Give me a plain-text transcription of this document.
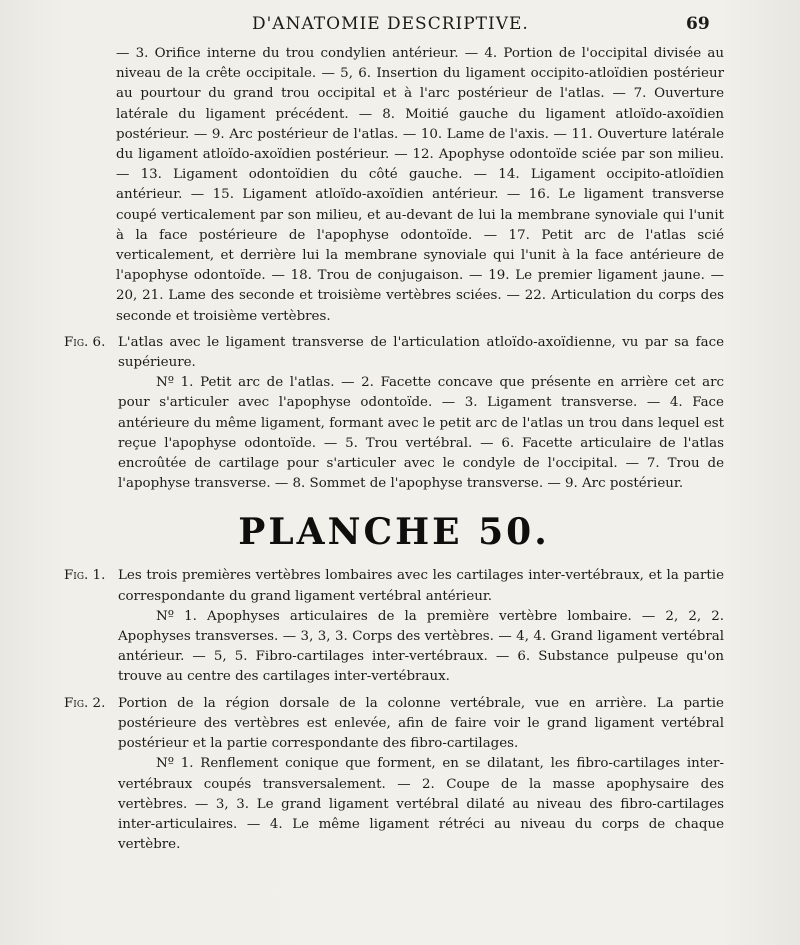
D'ANATOMIE DESCRIPTIVE.	69

— 3. Orifice interne du trou condylien antérieur. — 4. Portion de l'occipital divisée au niveau de la crête occipitale. — 5, 6. Insertion du ligament occipito-atloïdien postérieur au pourtour du grand trou occipital et à l'arc postérieur de l'atlas. — 7. Ouverture latérale du ligament précédent. — 8. Moitié gauche du ligament atloïdo-axoïdien postérieur. — 9. Arc postérieur de l'atlas. — 10. Lame de l'axis. — 11. Ouverture latérale du ligament atloïdo-axoïdien postérieur. — 12. Apophyse odontoïde sciée par son milieu. — 13. Ligament odontoïdien du côté gauche. — 14. Ligament occipito-atloïdien antérieur. — 15. Ligament atloïdo-axoïdien antérieur. — 16. Le ligament transverse coupé verticalement par son milieu, et au-devant de lui la membrane synoviale qui l'unit à la face postérieure de l'apophyse odontoïde. — 17. Petit arc de l'atlas scié verticalement, et derrière lui la membrane synoviale qui l'unit à la face antérieure de l'apophyse odontoïde. — 18. Trou de conjugaison. — 19. Le premier ligament jaune. — 20, 21. Lame des seconde et troisième vertèbres sciées. — 22. Articulation du corps des seconde et troisième vertèbres.

Fig. 6. L'atlas avec le ligament transverse de l'articulation atloïdo-axoïdienne, vu par sa face supérieure.

Nº 1. Petit arc de l'atlas. — 2. Facette concave que présente en arrière cet arc pour s'articuler avec l'apophyse odontoïde. — 3. Ligament transverse. — 4. Face antérieure du même ligament, formant avec le petit arc de l'atlas un trou dans lequel est reçue l'apophyse odontoïde. — 5. Trou vertébral. — 6. Facette articulaire de l'atlas encroûtée de cartilage pour s'articuler avec le condyle de l'occipital. — 7. Trou de l'apophyse transverse. — 8. Sommet de l'apophyse transverse. — 9. Arc postérieur.

PLANCHE 50.

Fig. 1. Les trois premières vertèbres lombaires avec les cartilages inter-vertébraux, et la partie correspondante du grand ligament vertébral antérieur.

Nº 1. Apophyses articulaires de la première vertèbre lombaire. — 2, 2, 2. Apophyses transverses. — 3, 3, 3. Corps des vertèbres. — 4, 4. Grand ligament vertébral antérieur. — 5, 5. Fibro-cartilages inter-vertébraux. — 6. Substance pulpeuse qu'on trouve au centre des cartilages inter-vertébraux.

Fig. 2. Portion de la région dorsale de la colonne vertébrale, vue en arrière. La partie postérieure des vertèbres est enlevée, afin de faire voir le grand ligament vertébral postérieur et la partie correspondante des fibro-cartilages.

Nº 1. Renflement conique que forment, en se dilatant, les fibro-cartilages inter-vertébraux coupés transversalement. — 2. Coupe de la masse apophysaire des vertèbres. — 3, 3. Le grand ligament vertébral dilaté au niveau des fibro-cartilages inter-articulaires. — 4. Le même ligament rétréci au niveau du corps de chaque vertèbre.
